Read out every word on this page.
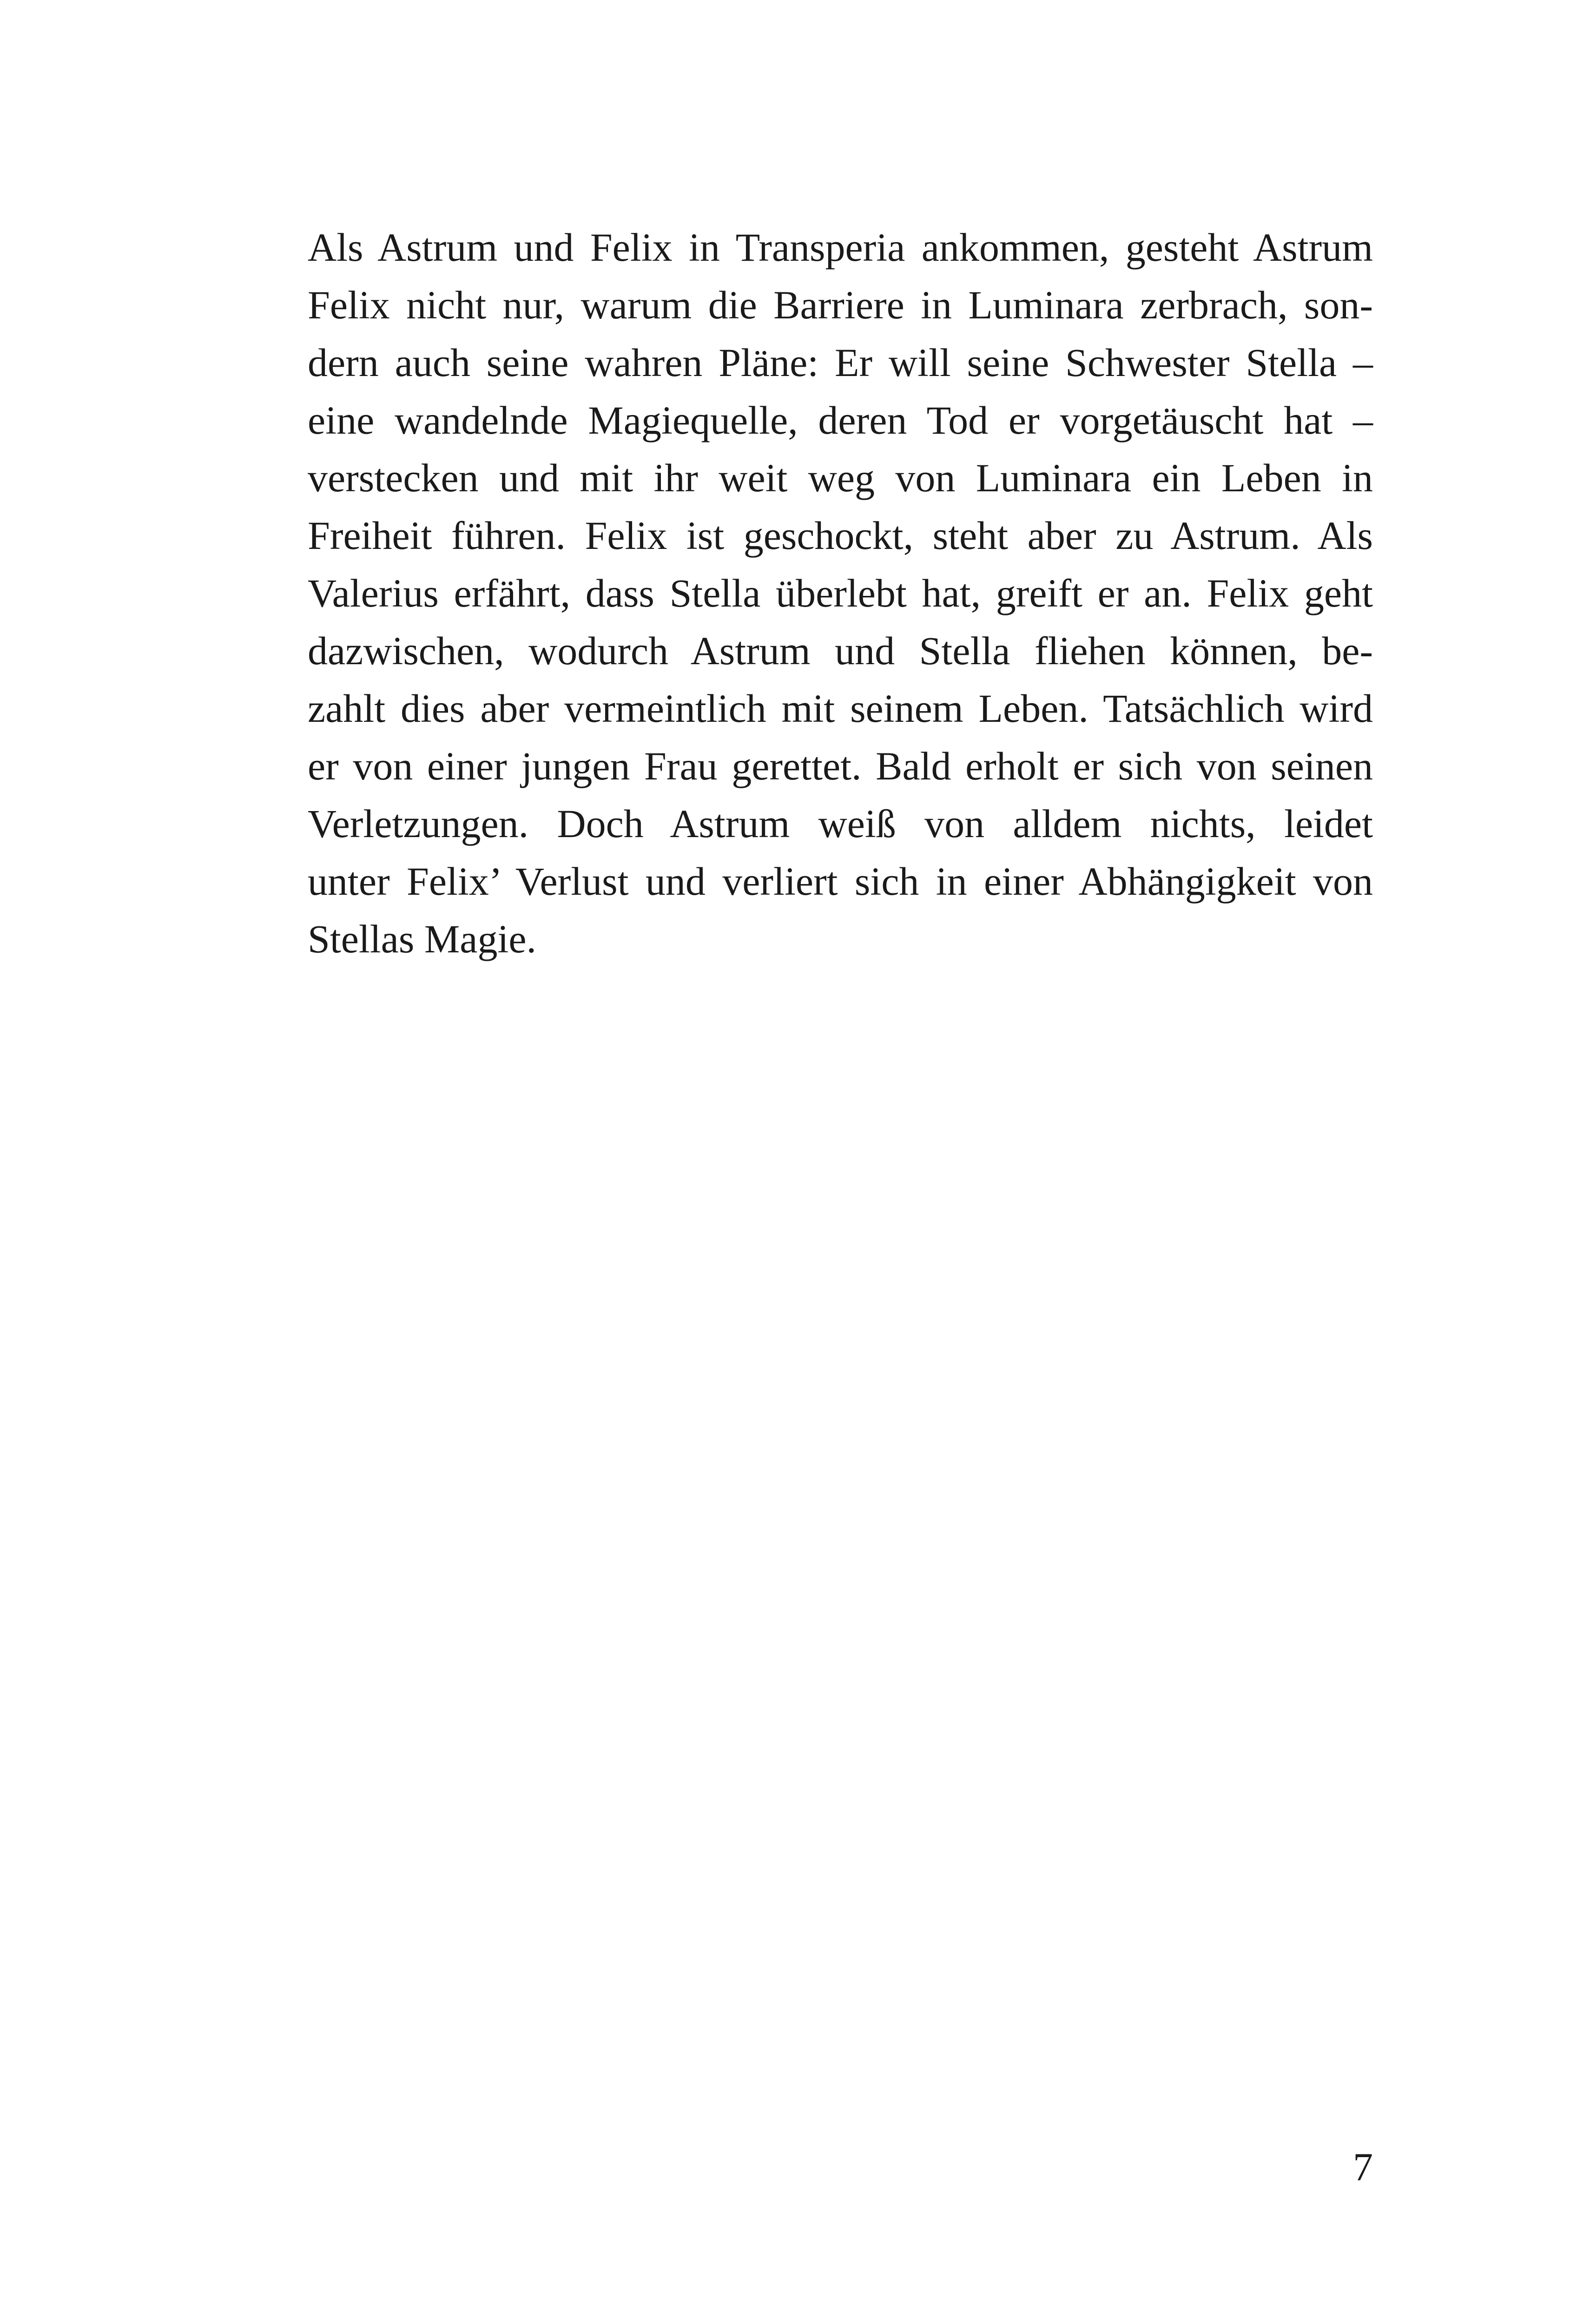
Als Astrum und Felix in Transperia ankommen, gesteht Astrum
Felix nicht nur, warum die Barriere in Luminara zerbrach, son-
dern auch seine wahren Pläne: Er will seine Schwester Stella –
eine wandelnde Magiequelle, deren Tod er vorgetäuscht hat –
verstecken und mit ihr weit weg von Luminara ein Leben in
Freiheit führen. Felix ist geschockt, steht aber zu Astrum. Als
Valerius erfährt, dass Stella überlebt hat, greift er an. Felix geht
dazwischen, wodurch Astrum und Stella fliehen können, be-
zahlt dies aber vermeintlich mit seinem Leben. Tatsächlich wird
er von einer jungen Frau gerettet. Bald erholt er sich von seinen
Verletzungen. Doch Astrum weiß von alldem nichts, leidet
unter Felix’ Verlust und verliert sich in einer Abhängigkeit von
Stellas Magie.
7
